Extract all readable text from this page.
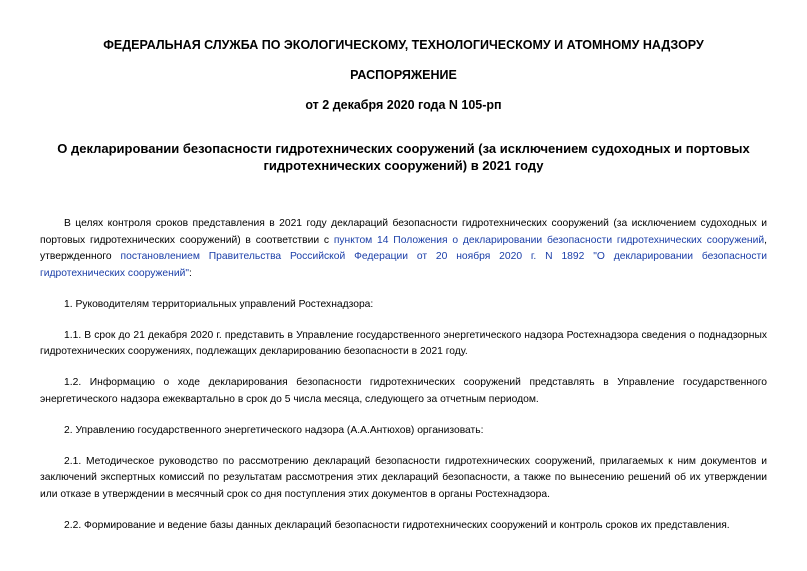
ФЕДЕРАЛЬНАЯ СЛУЖБА ПО ЭКОЛОГИЧЕСКОМУ, ТЕХНОЛОГИЧЕСКОМУ И АТОМНОМУ НАДЗОРУ
РАСПОРЯЖЕНИЕ
от 2 декабря 2020 года N 105-рп
О декларировании безопасности гидротехнических сооружений (за исключением судоходных и портовых гидротехнических сооружений) в 2021 году

В целях контроля сроков представления в 2021 году деклараций безопасности гидротехнических сооружений (за исключением судоходных и портовых гидротехнических сооружений) в соответствии с пунктом 14 Положения о декларировании безопасности гидротехнических сооружений, утвержденного постановлением Правительства Российской Федерации от 20 ноября 2020 г. N 1892 "О декларировании безопасности гидротехнических сооружений":

1. Руководителям территориальных управлений Ростехнадзора:

1.1. В срок до 21 декабря 2020 г. представить в Управление государственного энергетического надзора Ростехнадзора сведения о поднадзорных гидротехнических сооружениях, подлежащих декларированию безопасности в 2021 году.

1.2. Информацию о ходе декларирования безопасности гидротехнических сооружений представлять в Управление государственного энергетического надзора ежеквартально в срок до 5 числа месяца, следующего за отчетным периодом.

2. Управлению государственного энергетического надзора (А.А.Антюхов) организовать:

2.1. Методическое руководство по рассмотрению деклараций безопасности гидротехнических сооружений, прилагаемых к ним документов и заключений экспертных комиссий по результатам рассмотрения этих деклараций безопасности, а также по вынесению решений об их утверждении или отказе в утверждении в месячный срок со дня поступления этих документов в органы Ростехнадзора.

2.2. Формирование и ведение базы данных деклараций безопасности гидротехнических сооружений и контроль сроков их представления.
